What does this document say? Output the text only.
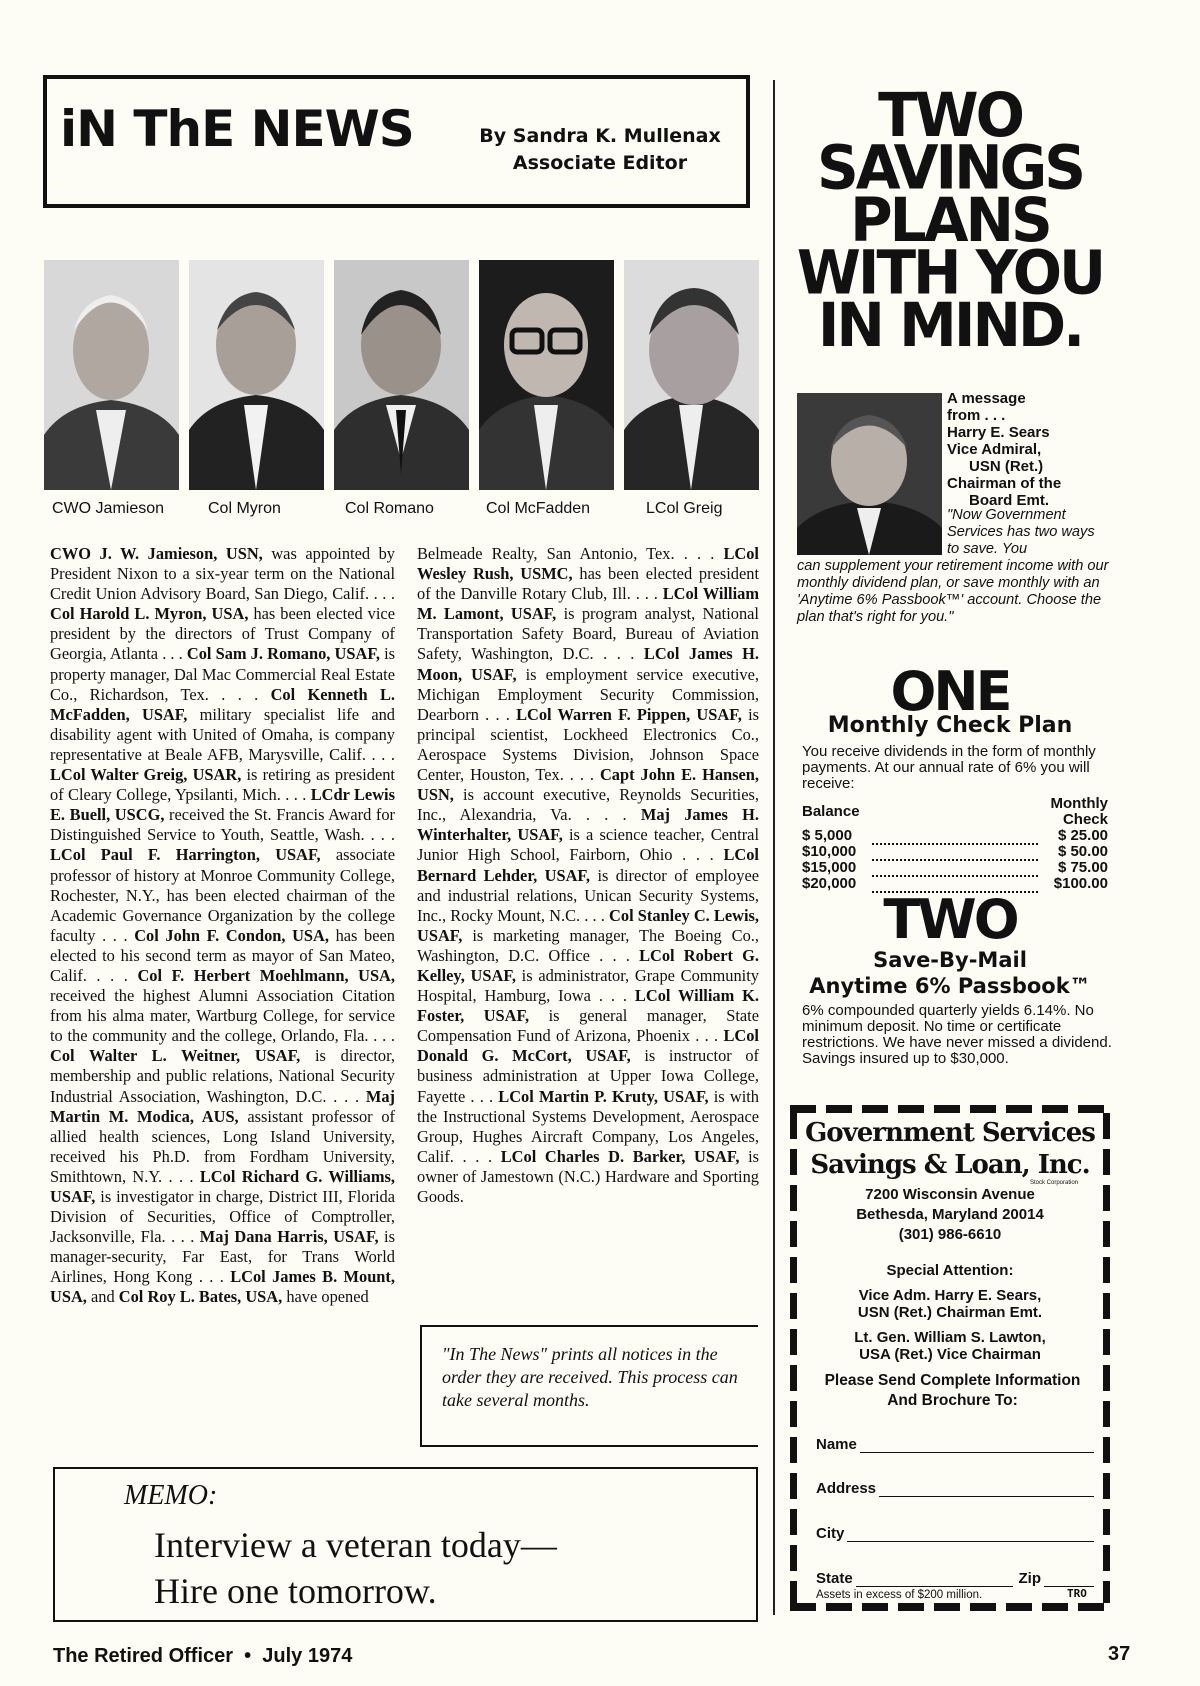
iN ThE NEWS	By Sandra K. Mullenax
Associate Editor
CWO Jamieson	Col Myron	Col Romano	Col McFadden	LCol Greig
CWO J. W. Jamieson, USN, was appointed by President Nixon to a six-year term on the National Credit Union Advisory Board, San Diego, Calif. . . . Col Harold L. Myron, USA, has been elected vice president by the directors of Trust Company of Georgia, Atlanta . . . Col Sam J. Romano, USAF, is property manager, Dal Mac Commercial Real Estate Co., Richardson, Tex. . . . Col Kenneth L. McFadden, USAF, military specialist life and disability agent with United of Omaha, is company representative at Beale AFB, Marysville, Calif. . . . LCol Walter Greig, USAR, is retiring as president of Cleary College, Ypsilanti, Mich. . . . LCdr Lewis E. Buell, USCG, received the St. Francis Award for Distinguished Service to Youth, Seattle, Wash. . . . LCol Paul F. Harrington, USAF, associate professor of history at Monroe Community College, Rochester, N.Y., has been elected chairman of the Academic Governance Organization by the college faculty . . . Col John F. Condon, USA, has been elected to his second term as mayor of San Mateo, Calif. . . . Col F. Herbert Moehlmann, USA, received the highest Alumni Association Citation from his alma mater, Wartburg College, for service to the community and the college, Orlando, Fla. . . . Col Walter L. Weitner, USAF, is director, membership and public relations, National Security Industrial Association, Washington, D.C. . . . Maj Martin M. Modica, AUS, assistant professor of allied health sciences, Long Island University, received his Ph.D. from Fordham University, Smithtown, N.Y. . . . LCol Richard G. Williams, USAF, is investigator in charge, District III, Florida Division of Securities, Office of Comptroller, Jacksonville, Fla. . . . Maj Dana Harris, USAF, is manager-security, Far East, for Trans World Airlines, Hong Kong . . . LCol James B. Mount, USA, and Col Roy L. Bates, USA, have opened
Belmeade Realty, San Antonio, Tex. . . . LCol Wesley Rush, USMC, has been elected president of the Danville Rotary Club, Ill. . . . LCol William M. Lamont, USAF, is program analyst, National Transportation Safety Board, Bureau of Aviation Safety, Washington, D.C. . . . LCol James H. Moon, USAF, is employment service executive, Michigan Employment Security Commission, Dearborn . . . LCol Warren F. Pippen, USAF, is principal scientist, Lockheed Electronics Co., Aerospace Systems Division, Johnson Space Center, Houston, Tex. . . . Capt John E. Hansen, USN, is account executive, Reynolds Securities, Inc., Alexandria, Va. . . . Maj James H. Winterhalter, USAF, is a science teacher, Central Junior High School, Fairborn, Ohio . . . LCol Bernard Lehder, USAF, is director of employee and industrial relations, Unican Security Systems, Inc., Rocky Mount, N.C. . . . Col Stanley C. Lewis, USAF, is marketing manager, The Boeing Co., Washington, D.C. Office . . . LCol Robert G. Kelley, USAF, is administrator, Grape Community Hospital, Hamburg, Iowa . . . LCol William K. Foster, USAF, is general manager, State Compensation Fund of Arizona, Phoenix . . . LCol Donald G. McCort, USAF, is instructor of business administration at Upper Iowa College, Fayette . . . LCol Martin P. Kruty, USAF, is with the Instructional Systems Development, Aerospace Group, Hughes Aircraft Company, Los Angeles, Calif. . . . LCol Charles D. Barker, USAF, is owner of Jamestown (N.C.) Hardware and Sporting Goods.
"In The News" prints all notices in the order they are received. This process can take several months.
MEMO:
Interview a veteran today—
Hire one tomorrow.
The Retired Officer  •  July 1974	37
TWO
SAVINGS
PLANS
WITH YOU
IN MIND.
A message
from . . .
Harry E. Sears
Vice Admiral,
USN (Ret.)
Chairman of the
Board Emt.
"Now Government Services has two ways to save. You
can supplement your retirement income with our monthly dividend plan, or save monthly with an 'Anytime 6% Passbook™' account. Choose the plan that's right for you."
ONE
Monthly Check Plan
You receive dividends in the form of monthly payments. At our annual rate of 6% you will receive:
Balance		Monthly Check
$ 5,000		$ 25.00
$10,000		$ 50.00
$15,000		$ 75.00
$20,000		$100.00
TWO
Save-By-Mail
Anytime 6% Passbook™
6% compounded quarterly yields 6.14%. No minimum deposit. No time or certificate restrictions. We have never missed a dividend. Savings insured up to $30,000.
Government Services
Savings & Loan, Inc.
Stock Corporation
7200 Wisconsin Avenue
Bethesda, Maryland 20014
(301) 986-6610
Special Attention:
Vice Adm. Harry E. Sears,
USN (Ret.) Chairman Emt.
Lt. Gen. William S. Lawton,
USA (Ret.) Vice Chairman
Please Send Complete Information
And Brochure To:
Name
Address
City
State	Zip
Assets in excess of $200 million.	TRO
